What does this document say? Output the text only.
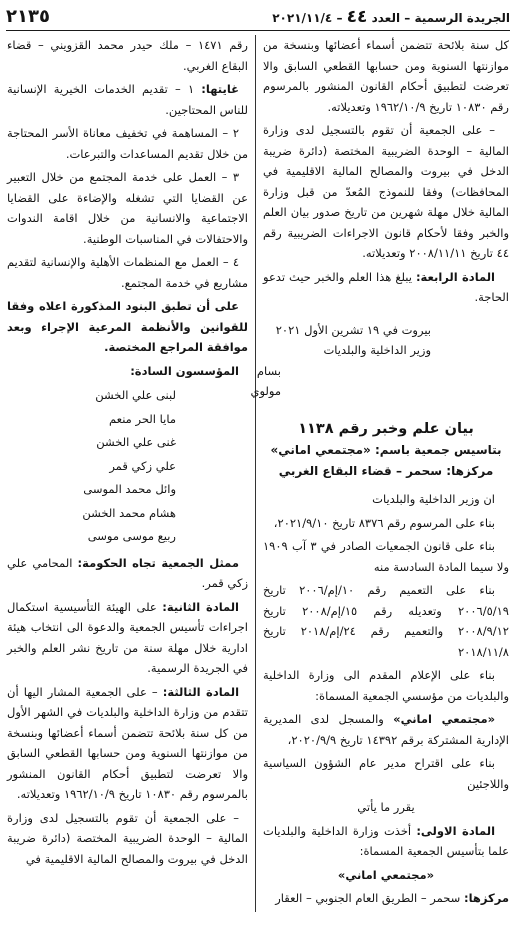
الجريدة الرسمية – العدد ٤٤ – ٢٠٢١/١١/٤
٢١٣٥

كل سنة بلائحة تتضمن أسماء أعضائها وبنسخة من موازنتها السنوية ومن حسابها القطعي السابق والا تعرضت لتطبيق أحكام القانون المنشور بالمرسوم رقم ١٠٨٣٠ تاريخ ١٩٦٢/١٠/٩ وتعديلاته.

– على الجمعية أن تقوم بالتسجيل لدى وزارة المالية – الوحدة الضريبية المختصة (دائرة ضريبة الدخل في بيروت والمصالح المالية الاقليمية في المحافظات) وفقا للنموذج المُعدّ من قبل وزارة المالية خلال مهلة شهرين من تاريخ صدور بيان العلم والخبر وفقا لأحكام قانون الاجراءات الضريبية رقم ٤٤ تاريخ ٢٠٠٨/١١/١١ وتعديلاته.

المادة الرابعة: يبلغ هذا العلم والخبر حيث تدعو الحاجة.

بيروت في ١٩ تشرين الأول ٢٠٢١
وزير الداخلية والبلديات
بسام مولوي
بيان علم وخبر رقم ١١٣٨
بتاسيس جمعية باسم: «مجتمعي اماني»
مركزها: سحمر – قضاء البقاع الغربي

ان وزير الداخلية والبلديات

بناء على المرسوم رقم ٨٣٧٦ تاريخ ٢٠٢١/٩/١٠،

بناء على قانون الجمعيات الصادر في ٣ آب ١٩٠٩ ولا سيما المادة السادسة منه

بناء على التعميم رقم ١٠/إم/٢٠٠٦ تاريخ ٢٠٠٦/٥/١٩ وتعديله رقم ١٥/إم/٢٠٠٨ تاريخ ٢٠٠٨/٩/١٢ والتعميم رقم ٢٤/إم/٢٠١٨ تاريخ ٢٠١٨/١١/٨

بناء على الإعلام المقدم الى وزارة الداخلية والبلديات من مؤسسي الجمعية المسماة:

«مجتمعي اماني» والمسجل لدى المديرية الإدارية المشتركة برقم ١٤٣٩٢ تاريخ ٢٠٢٠/٩/٩،

بناء على اقتراح مدير عام الشؤون السياسية واللاجئين

يقرر ما يأتي

المادة الاولى: أخذت وزارة الداخلية والبلديات علما بتأسيس الجمعية المسماة:

«مجتمعي اماني»

مركزها: سحمر – الطريق العام الجنوبي – العقار

رقم ١٤٧١ – ملك حيدر محمد القزويني – قضاء البقاع الغربي.

غايتها: ١ – تقديم الخدمات الخيرية الإنسانية للناس المحتاجين.

٢ – المساهمة في تخفيف معاناة الأسر المحتاجة من خلال تقديم المساعدات والتبرعات.

٣ – العمل على خدمة المجتمع من خلال التعبير عن القضايا التي تشغله والإضاءة على القضايا الاجتماعية والانسانية من خلال اقامة الندوات والاحتفالات في المناسبات الوطنية.

٤ – العمل مع المنظمات الأهلية والإنسانية لتقديم مشاريع في خدمة المجتمع.

على أن تطبق البنود المذكورة اعلاه وفقا للقوانين والأنظمة المرعية الإجراء وبعد موافقة المراجع المختصة.

المؤسسون السادة:

لبنى علي الخشن
مايا الحر منعم
غنى علي الخشن
علي زكي قمر
وائل محمد الموسى
هشام محمد الخشن
ربيع موسى موسى

ممثل الجمعية تجاه الحكومة: المحامي علي زكي قمر.

المادة الثانية: على الهيئة التأسيسية استكمال اجراءات تأسيس الجمعية والدعوة الى انتخاب هيئة ادارية خلال مهلة سنة من تاريخ نشر العلم والخبر في الجريدة الرسمية.

المادة الثالثة: – على الجمعية المشار اليها أن تتقدم من وزارة الداخلية والبلديات في الشهر الأول من كل سنة بلائحة تتضمن أسماء أعضائها وبنسخة من موازنتها السنوية ومن حسابها القطعي السابق والا تعرضت لتطبيق أحكام القانون المنشور بالمرسوم رقم ١٠٨٣٠ تاريخ ١٩٦٢/١٠/٩ وتعديلاته.

– على الجمعية أن تقوم بالتسجيل لدى وزارة المالية – الوحدة الضريبية المختصة (دائرة ضريبة الدخل في بيروت والمصالح المالية الاقليمية في
